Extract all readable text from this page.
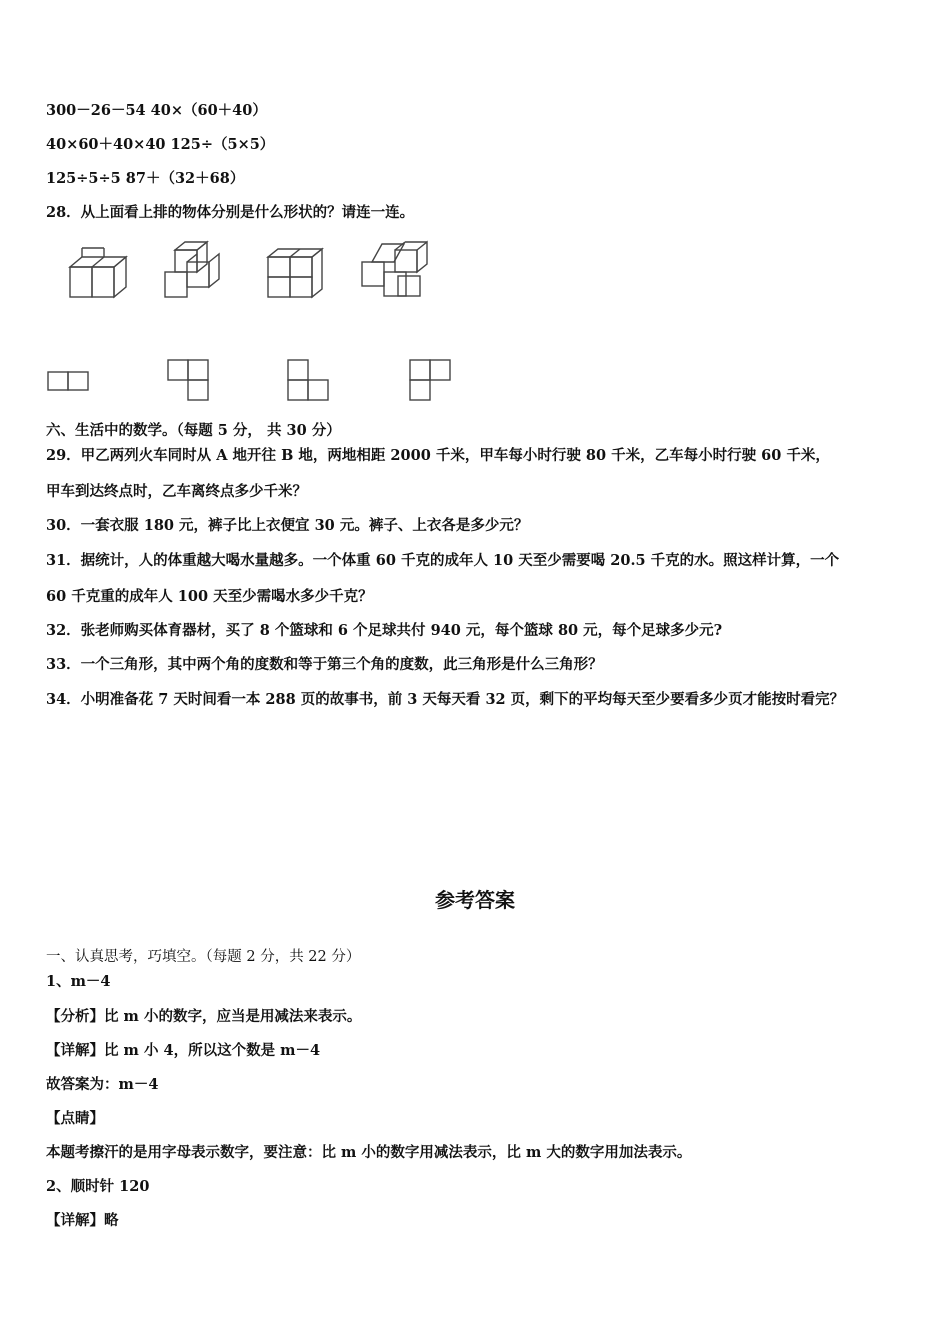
300－26－54 40×（60＋40）
40×60＋40×40 125÷（5×5）
125÷5÷5 87＋（32＋68）
28．从上面看上排的物体分别是什么形状的？请连一连。
六、生活中的数学。（每题 5 分， 共 30 分）
29．甲乙两列火车同时从 A 地开往 B 地，两地相距 2000 千米，甲车每小时行驶 80 千米，乙车每小时行驶 60 千米，
甲车到达终点时，乙车离终点多少千米？
30．一套衣服 180 元，裤子比上衣便宜 30 元。裤子、上衣各是多少元？
31．据统计，人的体重越大喝水量越多。一个体重 60 千克的成年人 10 天至少需要喝 20.5 千克的水。照这样计算，一个
60 千克重的成年人 100 天至少需喝水多少千克？
32．张老师购买体育器材，买了 8 个篮球和 6 个足球共付 940 元，每个篮球 80 元，每个足球多少元?
33．一个三角形，其中两个角的度数和等于第三个角的度数，此三角形是什么三角形？
34．小明准备花 7 天时间看一本 288 页的故事书，前 3 天每天看 32 页，剩下的平均每天至少要看多少页才能按时看完？
参考答案
一、认真思考，巧填空。（每题 2 分，共 22 分）
1、m－4
【分析】比 m 小的数字，应当是用减法来表示。
【详解】比 m 小 4，所以这个数是 m－4
故答案为：m－4
【点睛】
本题考擦汗的是用字母表示数字，要注意：比 m 小的数字用减法表示，比 m 大的数字用加法表示。
2、顺时针 120
【详解】略
